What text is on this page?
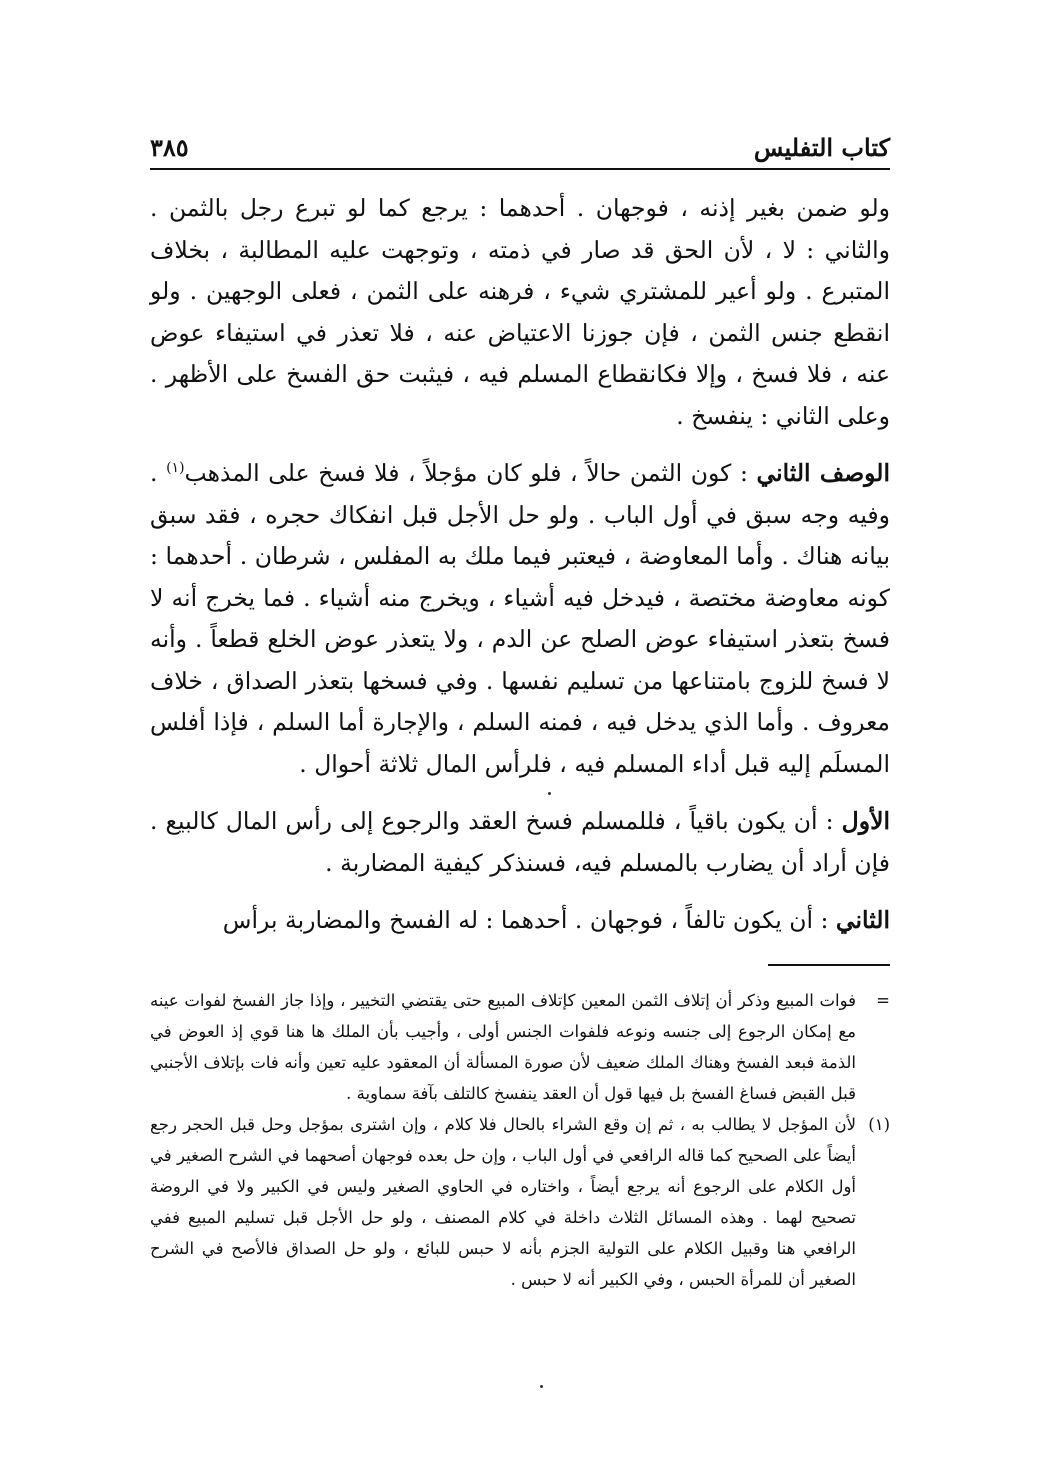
كتاب التفليس
٣٨٥

ولو ضمن بغير إذنه ، فوجهان . أحدهما : يرجع كما لو تبرع رجل بالثمن . والثاني : لا ، لأن الحق قد صار في ذمته ، وتوجهت عليه المطالبة ، بخلاف المتبرع . ولو أعير للمشتري شيء ، فرهنه على الثمن ، فعلى الوجهين . ولو انقطع جنس الثمن ، فإن جوزنا الاعتياض عنه ، فلا تعذر في استيفاء عوض عنه ، فلا فسخ ، وإلا فكانقطاع المسلم فيه ، فيثبت حق الفسخ على الأظهر . وعلى الثاني : ينفسخ .

الوصف الثاني : كون الثمن حالاً ، فلو كان مؤجلاً ، فلا فسخ على المذهب$^{(١)}$ . وفيه وجه سبق في أول الباب . ولو حل الأجل قبل انفكاك حجره ، فقد سبق بيانه هناك . وأما المعاوضة ، فيعتبر فيما ملك به المفلس ، شرطان . أحدهما : كونه معاوضة مختصة ، فيدخل فيه أشياء ، ويخرج منه أشياء . فما يخرج أنه لا فسخ بتعذر استيفاء عوض الصلح عن الدم ، ولا يتعذر عوض الخلع قطعاً . وأنه لا فسخ للزوج بامتناعها من تسليم نفسها . وفي فسخها بتعذر الصداق ، خلاف معروف . وأما الذي يدخل فيه ، فمنه السلم ، والإجارة أما السلم ، فإذا أفلس المسلَم إليه قبل أداء المسلم فيه ، فلرأس المال ثلاثة أحوال .

الأول : أن يكون باقياً ، فللمسلم فسخ العقد والرجوع إلى رأس المال كالبيع . فإن أراد أن يضارب بالمسلم فيه، فسنذكر كيفية المضاربة .

الثاني : أن يكون تالفاً ، فوجهان . أحدهما : له الفسخ والمضاربة برأس

=
فوات المبيع وذكر أن إتلاف الثمن المعين كإتلاف المبيع حتى يقتضي التخيير ، وإذا جاز الفسخ لفوات عينه مع إمكان الرجوع إلى جنسه ونوعه فلفوات الجنس أولى ، وأجيب بأن الملك ها هنا قوي إذ العوض في الذمة فبعد الفسخ وهناك الملك ضعيف لأن صورة المسألة أن المعقود عليه تعين وأنه فات بإتلاف الأجنبي قبل القبض فساغ الفسخ بل فيها قول أن العقد ينفسخ كالتلف بآفة سماوية .

(١)
لأن المؤجل لا يطالب به ، ثم إن وقع الشراء بالحال فلا كلام ، وإن اشترى بمؤجل وحل قبل الحجر رجع أيضاً على الصحيح كما قاله الرافعي في أول الباب ، وإن حل بعده فوجهان أصحهما في الشرح الصغير في أول الكلام على الرجوع أنه يرجع أيضاً ، واختاره في الحاوي الصغير وليس في الكبير ولا في الروضة تصحيح لهما . وهذه المسائل الثلاث داخلة في كلام المصنف ، ولو حل الأجل قبل تسليم المبيع ففي الرافعي هنا وقبيل الكلام على التولية الجزم بأنه لا حبس للبائع ، ولو حل الصداق فالأصح في الشرح الصغير أن للمرأة الحبس ، وفي الكبير أنه لا حبس .
